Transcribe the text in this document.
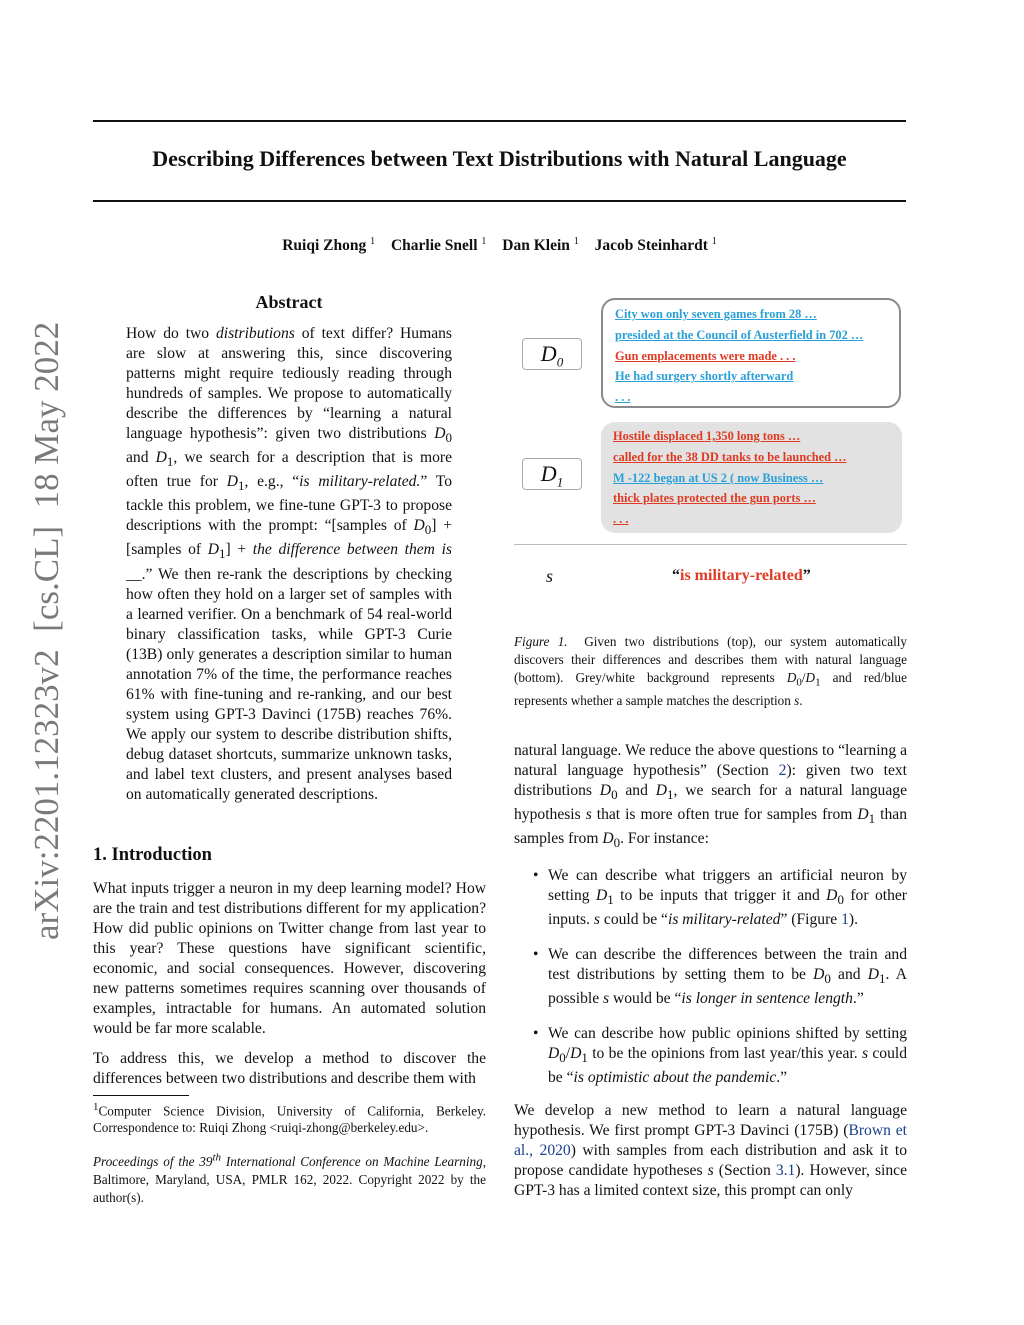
arXiv:2201.12323v2  [cs.CL]  18 May 2022
Describing Differences between Text Distributions with Natural Language
Ruiqi Zhong $^1$ Charlie Snell $^1$ Dan Klein $^1$ Jacob Steinhardt $^1$
Abstract
How do two distributions of text differ? Humans are slow at answering this, since discovering patterns might require tediously reading through hundreds of samples. We propose to automatically describe the differences by “learning a natural language hypothesis”: given two distributions $D_0$ and $D_1$, we search for a description that is more often true for $D_1$, e.g., “is military-related.” To tackle this problem, we fine-tune GPT-3 to propose descriptions with the prompt: “[samples of $D_0$] + [samples of $D_1$] + the difference between them is __.” We then re-rank the descriptions by checking how often they hold on a larger set of samples with a learned verifier. On a benchmark of 54 real-world binary classification tasks, while GPT-3 Curie (13B) only generates a description similar to human annotation 7% of the time, the performance reaches 61% with fine-tuning and re-ranking, and our best system using GPT-3 Davinci (175B) reaches 76%. We apply our system to describe distribution shifts, debug dataset shortcuts, summarize unknown tasks, and label text clusters, and present analyses based on automatically generated descriptions.
1. Introduction
What inputs trigger a neuron in my deep learning model? How are the train and test distributions different for my application? How did public opinions on Twitter change from last year to this year? These questions have significant scientific, economic, and social consequences. However, discovering new patterns sometimes requires scanning over thousands of examples, intractable for humans. An automated solution would be far more scalable.
To address this, we develop a method to discover the differences between two distributions and describe them with
$^1$Computer Science Division, University of California, Berkeley. Correspondence to: Ruiqi Zhong <ruiqi-zhong@berkeley.edu>.
Proceedings of the 39th International Conference on Machine Learning, Baltimore, Maryland, USA, PMLR 162, 2022. Copyright 2022 by the author(s).
$D_0$
City won only seven games from 28 …
presided at the Council of Austerfield in 702 …
Gun emplacements were made . . .
He had surgery shortly afterward
. . .
$D_1$
Hostile displaced 1,350 long tons …
called for the 38 DD tanks to be launched …
M -122 began at US 2 ( now Business …
thick plates protected the gun ports …
. . .
s	“is military-related”
Figure 1.  Given two distributions (top), our system automatically discovers their differences and describes them with natural language (bottom). Grey/white background represents $D_0/D_1$ and red/blue represents whether a sample matches the description s.
natural language. We reduce the above questions to “learning a natural language hypothesis” (Section 2): given two text distributions $D_0$ and $D_1$, we search for a natural language hypothesis s that is more often true for samples from $D_1$ than samples from $D_0$. For instance:
• We can describe what triggers an artificial neuron by setting $D_1$ to be inputs that trigger it and $D_0$ for other inputs. s could be “is military-related” (Figure 1).
• We can describe the differences between the train and test distributions by setting them to be $D_0$ and $D_1$. A possible s would be “is longer in sentence length.”
• We can describe how public opinions shifted by setting $D_0/D_1$ to be the opinions from last year/this year. s could be “is optimistic about the pandemic.”
We develop a new method to learn a natural language hypothesis. We first prompt GPT-3 Davinci (175B) (Brown et al., 2020) with samples from each distribution and ask it to propose candidate hypotheses s (Section 3.1). However, since GPT-3 has a limited context size, this prompt can only
